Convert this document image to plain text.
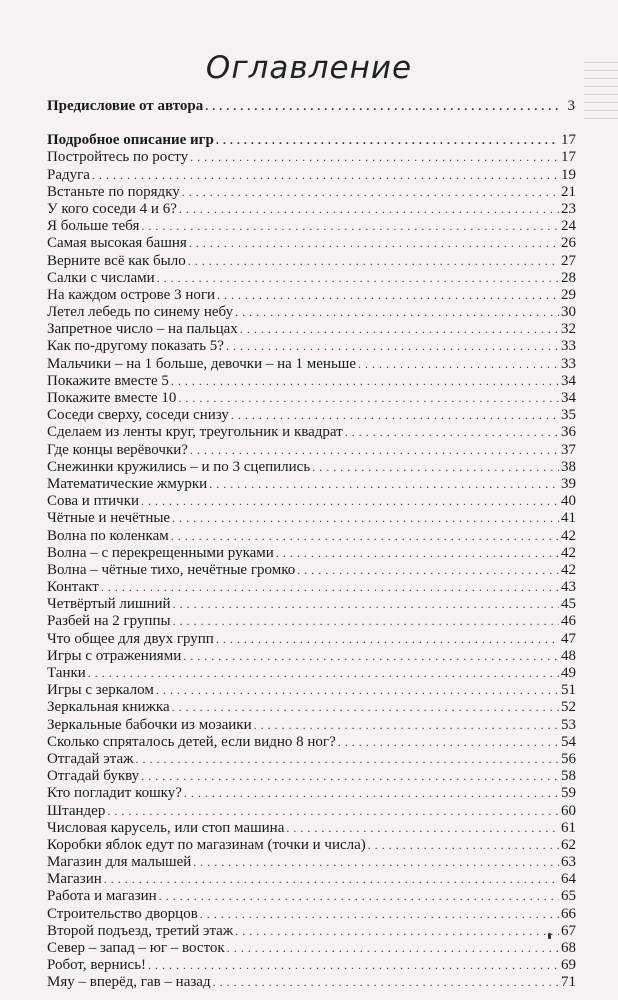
Оглавление
Предисловие от автора . . .	3
Подробное описание игр . . .	17
Постройтесь по росту . . .	17
Радуга . . .	19
Встаньте по порядку . . .	21
У кого соседи 4 и 6? . . .	23
Я больше тебя . . .	24
Самая высокая башня . . .	26
Верните всё как было . . .	27
Салки с числами . . .	28
На каждом острове 3 ноги . . .	29
Летел лебедь по синему небу . . .	30
Запретное число – на пальцах . . .	32
Как по-другому показать 5? . . .	33
Мальчики – на 1 больше, девочки – на 1 меньше . . .	33
Покажите вместе 5 . . .	34
Покажите вместе 10 . . .	34
Соседи сверху, соседи снизу . . .	35
Сделаем из ленты круг, треугольник и квадрат . . .	36
Где концы верёвочки? . . .	37
Снежинки кружились – и по 3 сцепились . . .	38
Математические жмурки . . .	39
Сова и птички . . .	40
Чётные и нечётные . . .	41
Волна по коленкам . . .	42
Волна – с перекрещенными руками . . .	42
Волна – чётные тихо, нечётные громко . . .	42
Контакт . . .	43
Четвёртый лишний . . .	45
Разбей на 2 группы . . .	46
Что общее для двух групп . . .	47
Игры с отражениями . . .	48
Танки . . .	49
Игры с зеркалом . . .	51
Зеркальная книжка . . .	52
Зеркальные бабочки из мозаики . . .	53
Сколько спряталось детей, если видно 8 ног? . . .	54
Отгадай этаж . . .	56
Отгадай букву . . .	58
Кто погладит кошку? . . .	59
Штандер . . .	60
Числовая карусель, или стоп машина . . .	61
Коробки яблок едут по магазинам (точки и числа) . . .	62
Магазин для малышей . . .	63
Магазин . . .	64
Работа и магазин . . .	65
Строительство дворцов . . .	66
Второй подъезд, третий этаж . . .	67
Север – запад – юг – восток . . .	68
Робот, вернись! . . .	69
Мяу – вперёд, гав – назад . . .	71
